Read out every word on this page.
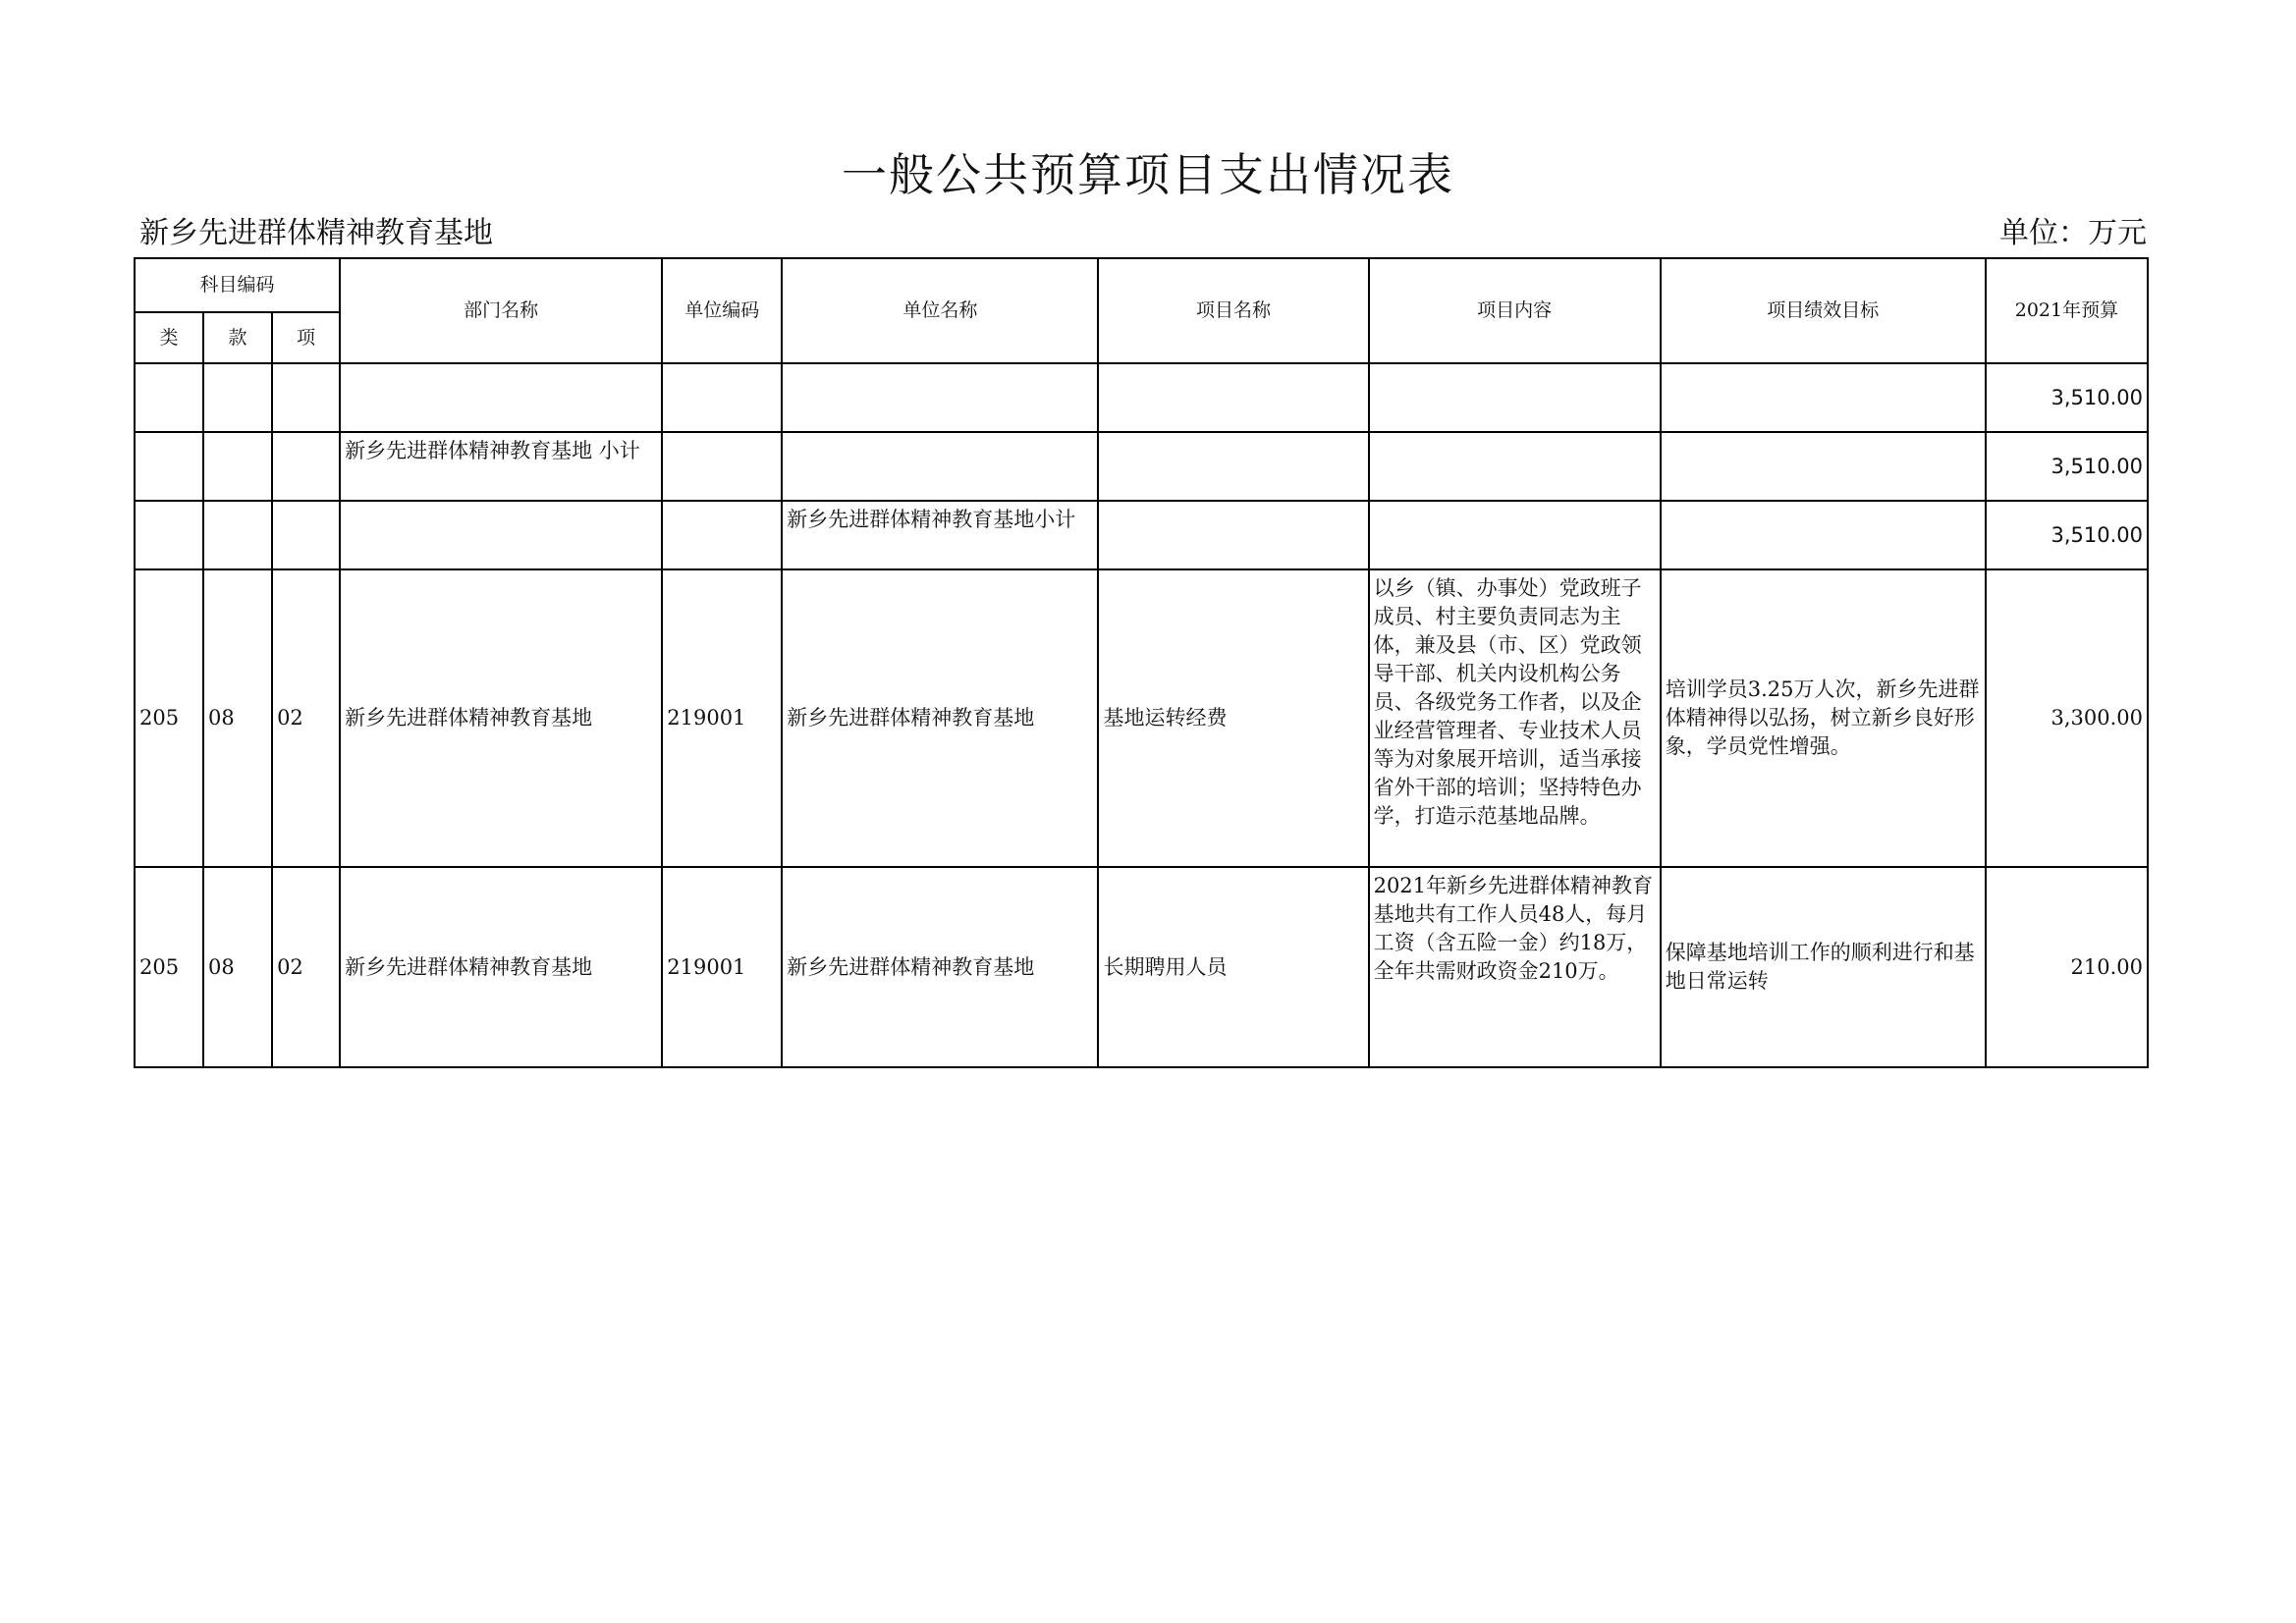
一般公共预算项目支出情况表
新乡先进群体精神教育基地	单位：万元
科目编码			部门名称	单位编码	单位名称	项目名称	项目内容	项目绩效目标	2021年预算
类	款	项							
									3,510.00
			新乡先进群体精神教育基地 小计						3,510.00
					新乡先进群体精神教育基地小计				3,510.00
205	08	02	新乡先进群体精神教育基地	219001	新乡先进群体精神教育基地	基地运转经费	以乡（镇、办事处）党政班子成员、村主要负责同志为主体，兼及县（市、区）党政领导干部、机关内设机构公务员、各级党务工作者，以及企业经营管理者、专业技术人员等为对象展开培训，适当承接省外干部的培训；坚持特色办学，打造示范基地品牌。	培训学员3.25万人次，新乡先进群体精神得以弘扬，树立新乡良好形象，学员党性增强。	3,300.00
205	08	02	新乡先进群体精神教育基地	219001	新乡先进群体精神教育基地	长期聘用人员	2021年新乡先进群体精神教育基地共有工作人员48人，每月工资（含五险一金）约18万，全年共需财政资金210万。	保障基地培训工作的顺利进行和基地日常运转	210.00
